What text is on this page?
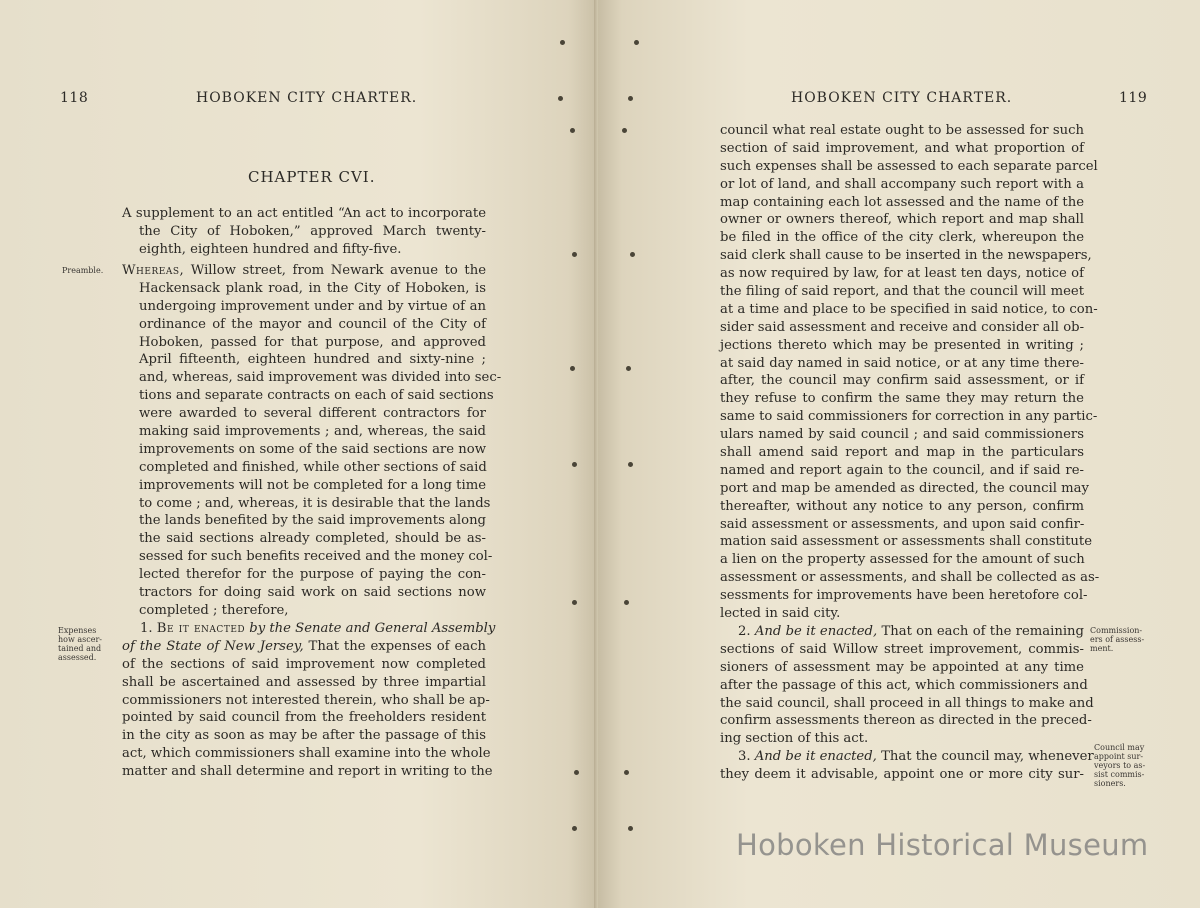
118	HOBOKEN CITY CHARTER.
CHAPTER CVI.
A supplement to an act entitled “An act to incorporate
the City of Hoboken,” approved March twenty-
eighth, eighteen hundred and fifty-five.
Preamble. Whereas, Willow street, from Newark avenue to the
Hackensack plank road, in the City of Hoboken, is
undergoing improvement under and by virtue of an
ordinance of the mayor and council of the City of
Hoboken, passed for that purpose, and approved
April fifteenth, eighteen hundred and sixty-nine ;
and, whereas, said improvement was divided into sec-
tions and separate contracts on each of said sections
were awarded to several different contractors for
making said improvements ; and, whereas, the said
improvements on some of the said sections are now
completed and finished, while other sections of said
improvements will not be completed for a long time
to come ; and, whereas, it is desirable that the lands
the lands benefited by the said improvements along
the said sections already completed, should be as-
sessed for such benefits received and the money col-
lected therefor for the purpose of paying the con-
tractors for doing said work on said sections now
completed ; therefore,
Expenses
how ascer-
tained and
assessed.
1. Be it enacted by the Senate and General Assembly
of the State of New Jersey, That the expenses of each
of the sections of said improvement now completed
shall be ascertained and assessed by three impartial
commissioners not interested therein, who shall be ap-
pointed by said council from the freeholders resident
in the city as soon as may be after the passage of this
act, which commissioners shall examine into the whole
matter and shall determine and report in writing to the
HOBOKEN CITY CHARTER.	119
council what real estate ought to be assessed for such
section of said improvement, and what proportion of
such expenses shall be assessed to each separate parcel
or lot of land, and shall accompany such report with a
map containing each lot assessed and the name of the
owner or owners thereof, which report and map shall
be filed in the office of the city clerk, whereupon the
said clerk shall cause to be inserted in the newspapers,
as now required by law, for at least ten days, notice of
the filing of said report, and that the council will meet
at a time and place to be specified in said notice, to con-
sider said assessment and receive and consider all ob-
jections thereto which may be presented in writing ;
at said day named in said notice, or at any time there-
after, the council may confirm said assessment, or if
they refuse to confirm the same they may return the
same to said commissioners for correction in any partic-
ulars named by said council ; and said commissioners
shall amend said report and map in the particulars
named and report again to the council, and if said re-
port and map be amended as directed, the council may
thereafter, without any notice to any person, confirm
said assessment or assessments, and upon said confir-
mation said assessment or assessments shall constitute
a lien on the property assessed for the amount of such
assessment or assessments, and shall be collected as as-
sessments for improvements have been heretofore col-
lected in said city.
2. And be it enacted, That on each of the remaining
sections of said Willow street improvement, commis-
sioners of assessment may be appointed at any time
after the passage of this act, which commissioners and
the said council, shall proceed in all things to make and
confirm assessments thereon as directed in the preced-
ing section of this act.
3. And be it enacted, That the council may, whenever
they deem it advisable, appoint one or more city sur-
Commission-
ers of assess-
ment.
Council may
appoint sur-
veyors to as-
sist commis-
sioners.
Hoboken Historical Museum
